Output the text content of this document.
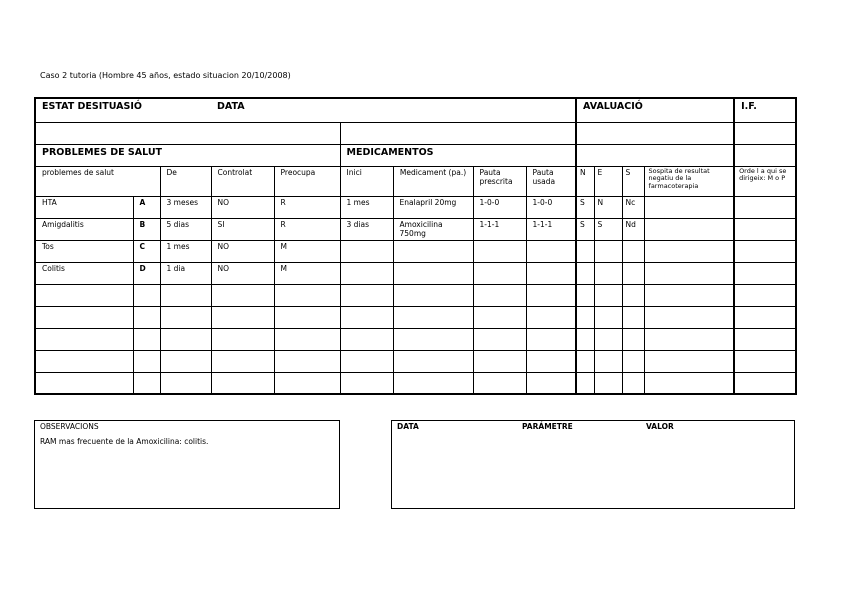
Caso 2 tutoria (Hombre 45 años, estado situacion 20/10/2008)
ESTAT DESITUASIÓ			DATA						AVALUACIÓ				I.F.

PROBLEMES DE SALUT					MEDICAMENTOS								
problemes de salut		De	Controlat	Preocupa	Inici	Medicament (pa.)	Pauta prescrita	Pauta usada	N	E	S	Sospita de resultat negatiu de la farmacoterapia	Orde l a qui se dirigeix: M o P
HTA	A	3 meses	NO	R	1 mes	Enalapril 20mg	1-0-0	1-0-0	S	N	Nc		
Amigdalitis	B	5 dias	SI	R	3 dias	Amoxicilina 750mg	1-1-1	1-1-1	S	S	Nd		
Tos	C	1 mes	NO	M									
Colitis	D	1 dia	NO	M									

OBSERVACIONS
RAM mas frecuente de la Amoxicilina: colitis.
DATA	PARÁMETRE	VALOR
